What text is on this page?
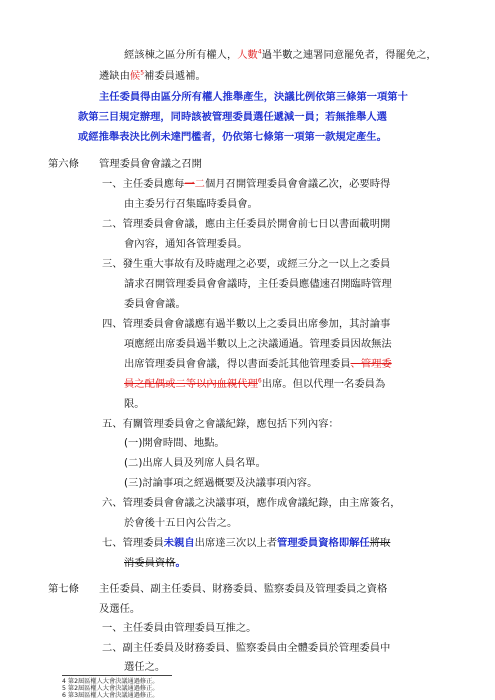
經該棟之區分所有權人，人數$^4$過半數之連署同意罷免者，得罷免之，
遴缺由候$^5$補委員遞補。
主任委員得由區分所有權人推舉產生，決議比例依第三條第一項第十
款第三目規定辦理，同時該被管理委員選任遞減一員；若無推舉人選
或經推舉表決比例未達門檻者，仍依第七條第一項第一款規定產生。
第六條 管理委員會會議之召開
一、主任委員應每一二個月召開管理委員會會議乙次，必要時得
由主委另行召集臨時委員會。
二、管理委員會會議，應由主任委員於開會前七日以書面載明開
會內容，通知各管理委員。
三、發生重大事故有及時處理之必要，或經三分之一以上之委員
請求召開管理委員會會議時，主任委員應儘速召開臨時管理
委員會會議。
四、管理委員會會議應有過半數以上之委員出席參加，其討論事
項應經出席委員過半數以上之決議通過。管理委員因故無法
出席管理委員會會議，得以書面委託其他管理委員、管理委
員之配偶或二等以內血親代理$^6$出席。但以代理一名委員為
限。
五、有關管理委員會之會議紀錄，應包括下列內容：
(一)開會時間、地點。
(二)出席人員及列席人員名單。
(三)討論事項之經過概要及決議事項內容。
六、管理委員會會議之決議事項，應作成會議紀錄，由主席簽名，
於會後十五日內公告之。
七、管理委員未親自出席達三次以上者管理委員資格即解任將取
消委員資格。
第七條 主任委員、副主任委員、財務委員、監察委員及管理委員之資格
及選任。
一、主任委員由管理委員互推之。
二、副主任委員及財務委員、監察委員由全體委員於管理委員中
選任之。
4 第2屆區權人大會決議通過修正。
5 第2屆區權人大會決議通過修正。
6 第3屆區權人大會決議通過修正。
